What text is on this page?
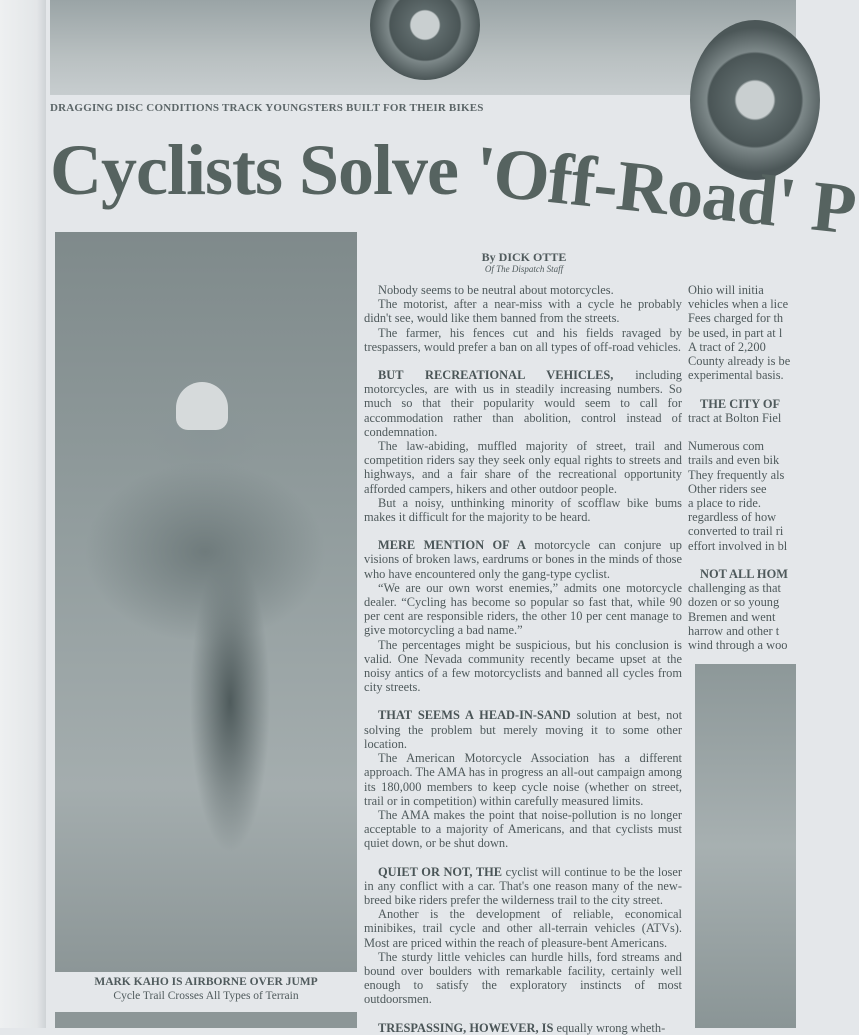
DRAGGING DISC CONDITIONS TRACK YOUNGSTERS BUILT FOR THEIR BIKES
Cyclists Solve
'Off-Road' P
MARK KAHO IS AIRBORNE OVER JUMP
Cycle Trail Crosses All Types of Terrain
By DICK OTTE
Of The Dispatch Staff

Nobody seems to be neutral about motorcycles.

The motorist, after a near-miss with a cycle he probably didn't see, would like them banned from the streets.

The farmer, his fences cut and his fields ravaged by trespassers, would prefer a ban on all types of off-road vehicles.

BUT RECREATIONAL VEHICLES, including motorcycles, are with us in steadily increasing numbers. So much so that their popularity would seem to call for accommodation rather than abolition, control instead of condemnation.

The law-abiding, muffled majority of street, trail and competition riders say they seek only equal rights to streets and highways, and a fair share of the recreational opportunity afforded campers, hikers and other outdoor people.

But a noisy, unthinking minority of scofflaw bike bums makes it difficult for the majority to be heard.

MERE MENTION OF A motorcycle can conjure up visions of broken laws, eardrums or bones in the minds of those who have encountered only the gang-type cyclist.

“We are our own worst enemies,” admits one motorcycle dealer. “Cycling has become so popular so fast that, while 90 per cent are responsible riders, the other 10 per cent manage to give motorcycling a bad name.”

The percentages might be suspicious, but his conclusion is valid. One Nevada community recently became upset at the noisy antics of a few motorcyclists and banned all cycles from city streets.

THAT SEEMS A HEAD-IN-SAND solution at best, not solving the problem but merely moving it to some other location.

The American Motorcycle Association has a different approach. The AMA has in progress an all-out campaign among its 180,000 members to keep cycle noise (whether on street, trail or in competition) within carefully measured limits.

The AMA makes the point that noise-pollution is no longer acceptable to a majority of Americans, and that cyclists must quiet down, or be shut down.

QUIET OR NOT, THE cyclist will continue to be the loser in any conflict with a car. That's one reason many of the new-breed bike riders prefer the wilderness trail to the city street.

Another is the development of reliable, economical minibikes, trail cycle and other all-terrain vehicles (ATVs). Most are priced within the reach of pleasure-bent Americans.

The sturdy little vehicles can hurdle hills, ford streams and bound over boulders with remarkable facility, certainly well enough to satisfy the exploratory instincts of most outdoorsmen.

TRESPASSING, HOWEVER, IS equally wrong wheth-

Ohio will initia
vehicles when a lice
Fees charged for th
be used, in part at l
A tract of 2,200
County already is be
experimental basis.

THE CITY OF
tract at Bolton Fiel

Numerous com
trails and even bik
They frequently als
Other riders see
a place to ride.
regardless of how
converted to trail ri
effort involved in bl

NOT ALL HOM
challenging as that
dozen or so young
Bremen and went
harrow and other t
wind through a woo
